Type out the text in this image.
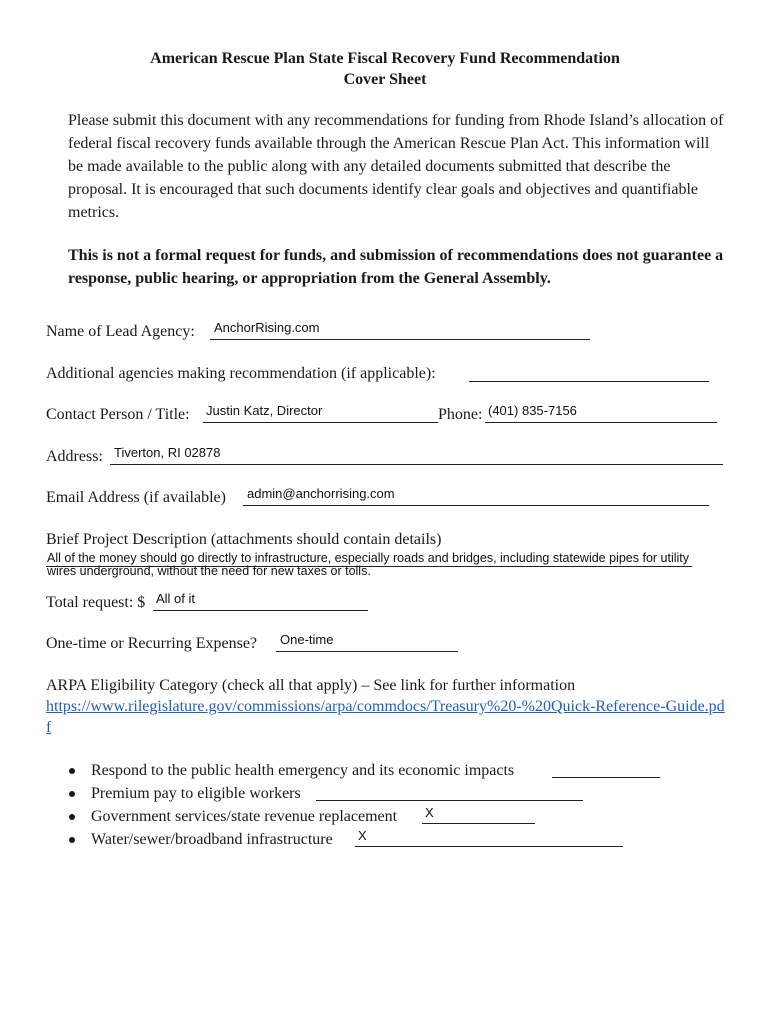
American Rescue Plan State Fiscal Recovery Fund Recommendation
Cover Sheet
Please submit this document with any recommendations for funding from Rhode Island’s allocation of federal fiscal recovery funds available through the American Rescue Plan Act. This information will be made available to the public along with any detailed documents submitted that describe the proposal. It is encouraged that such documents identify clear goals and objectives and quantifiable metrics.
This is not a formal request for funds, and submission of recommendations does not guarantee a response, public hearing, or appropriation from the General Assembly.
Name of Lead Agency: AnchorRising.com
Additional agencies making recommendation (if applicable):
Contact Person / Title: Justin Katz, Director	Phone: (401) 835-7156
Address: Tiverton, RI 02878
Email Address (if available) admin@anchorrising.com
Brief Project Description (attachments should contain details)
All of the money should go directly to infrastructure, especially roads and bridges, including statewide pipes for utility wires underground, without the need for new taxes or tolls.
Total request: $ All of it
One-time or Recurring Expense? One-time
ARPA Eligibility Category (check all that apply) – See link for further information
https://www.rilegislature.gov/commissions/arpa/commdocs/Treasury%20-%20Quick-Reference-Guide.pdf
Respond to the public health emergency and its economic impacts
Premium pay to eligible workers
Government services/state revenue replacement X
Water/sewer/broadband infrastructure X
